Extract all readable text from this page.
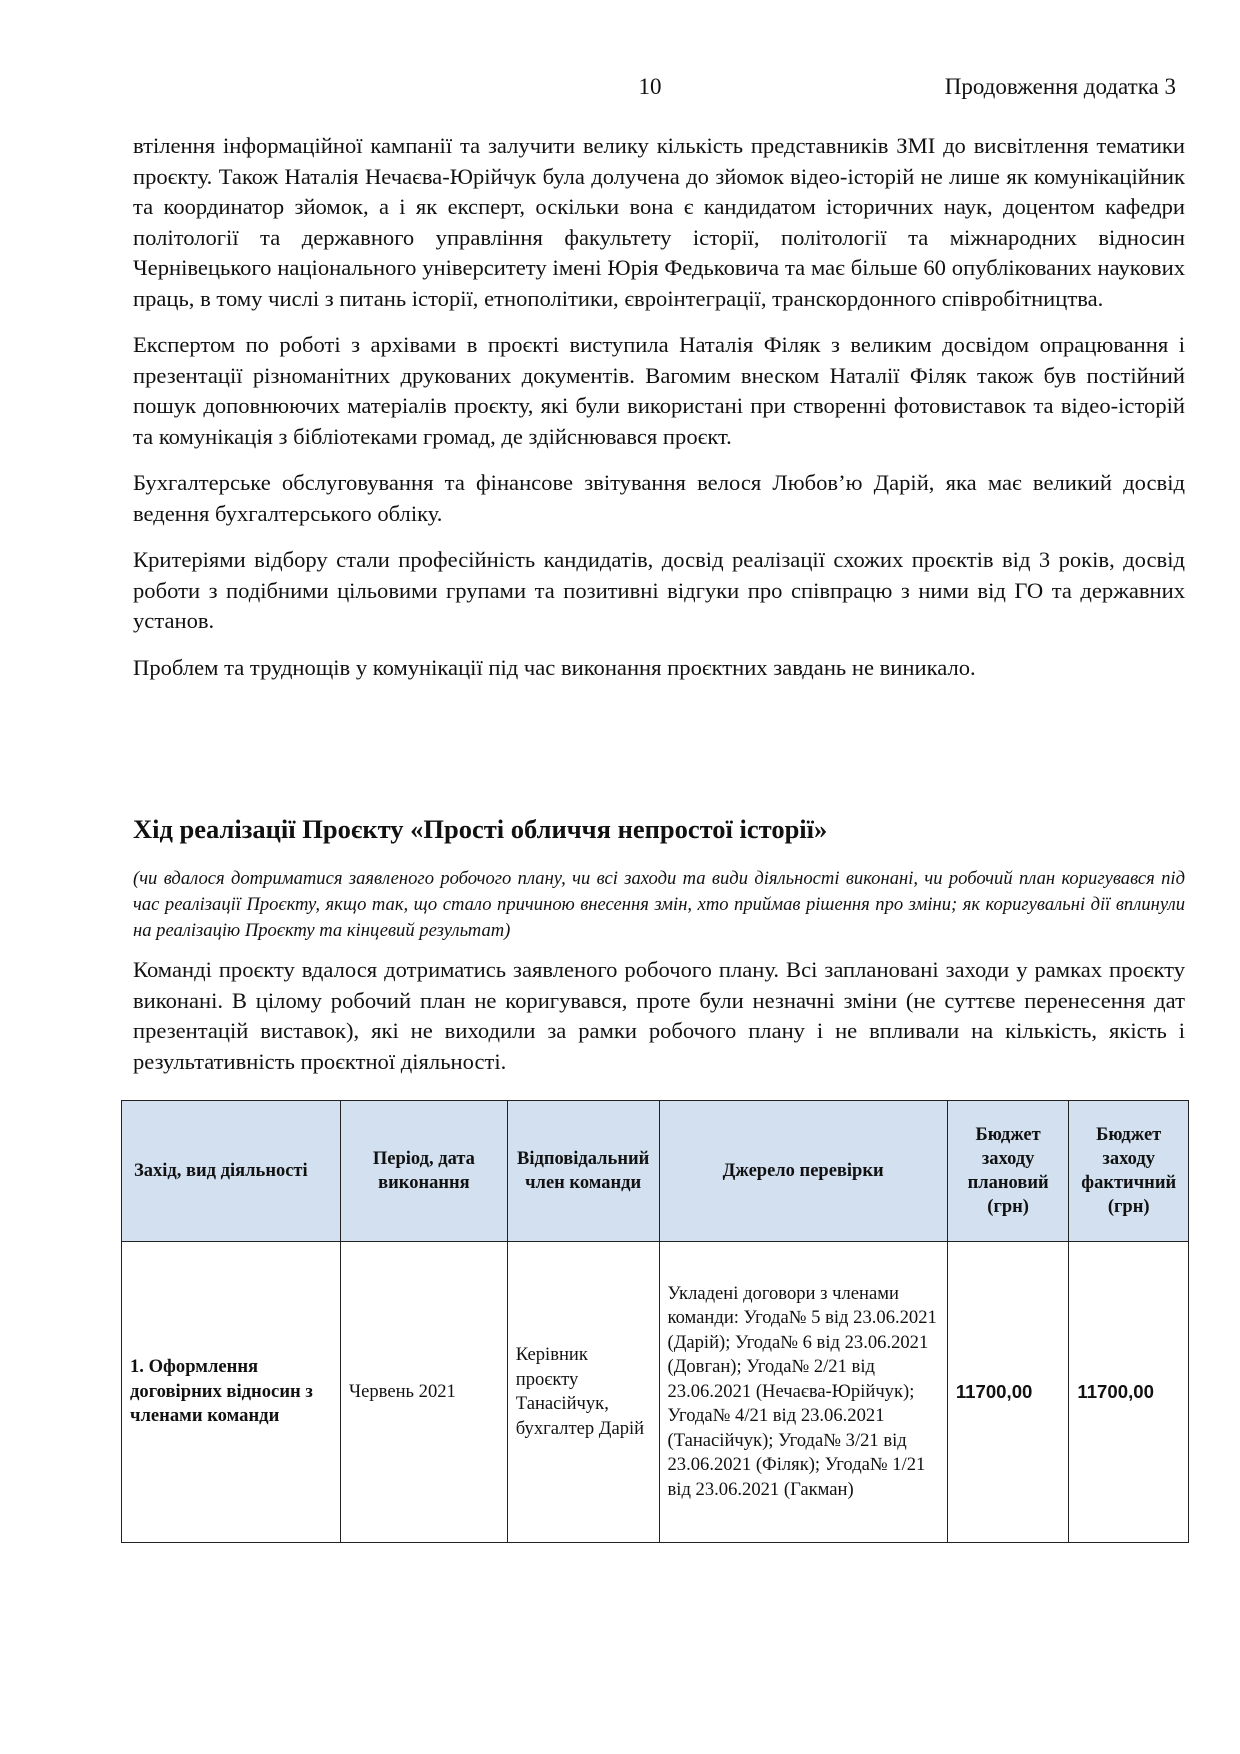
10	Продовження додатка 3

втілення інформаційної кампанії та залучити велику кількість представників ЗМІ до висвітлення тематики проєкту. Також Наталія Нечаєва-Юрійчук була долучена до зйомок відео-історій не лише як комунікаційник та координатор зйомок, а і як експерт, оскільки вона є кандидатом історичних наук, доцентом кафедри політології та державного управління факультету історії, політології та міжнародних відносин Чернівецького національного університету імені Юрія Федьковича та має більше 60 опублікованих наукових праць, в тому числі з питань історії, етнополітики, євроінтеграції, транскордонного співробітництва.

Експертом по роботі з архівами в проєкті виступила Наталія Філяк з великим досвідом опрацювання і презентації різноманітних друкованих документів. Вагомим внеском Наталії Філяк також був постійний пошук доповнюючих матеріалів проєкту, які були використані при створенні фотовиставок та відео-історій та комунікація з бібліотеками громад, де здійснювався проєкт.

Бухгалтерське обслуговування та фінансове звітування велося Любов’ю Дарій, яка має великий досвід ведення бухгалтерського обліку.

Критеріями відбору стали професійність кандидатів, досвід реалізації схожих проєктів від 3 років, досвід роботи з подібними цільовими групами та позитивні відгуки про співпрацю з ними від ГО та державних установ.

Проблем та труднощів у комунікації під час виконання проєктних завдань не виникало.

Хід реалізації Проєкту «Прості обличчя непростої історії»

(чи вдалося дотриматися заявленого робочого плану, чи всі заходи та види діяльності виконані, чи робочий план коригувався під час реалізації Проєкту, якщо так, що стало причиною внесення змін, хто приймав рішення про зміни; як коригувальні дії вплинули на реалізацію Проєкту та кінцевий результат)

Команді проєкту вдалося дотриматись заявленого робочого плану. Всі заплановані заходи у рамках проєкту виконані. В цілому робочий план не коригувався, проте були незначні зміни (не суттєве перенесення дат презентацій виставок), які не виходили за рамки робочого плану і не впливали на кількість, якість і результативність проєктної діяльності.

Захід, вид діяльності	Період, дата виконання	Відповідальний член команди	Джерело перевірки	Бюджет заходу плановий (грн)	Бюджет заходу фактичний (грн)
1. Оформлення договірних відносин з членами команди	Червень 2021	Керівник проєкту Танасійчук, бухгалтер Дарій	Укладені договори з членами команди: Угода№ 5 від 23.06.2021 (Дарій); Угода№ 6 від 23.06.2021 (Довган); Угода№ 2/21 від 23.06.2021 (Нечаєва-Юрійчук); Угода№ 4/21 від 23.06.2021 (Танасійчук); Угода№ 3/21 від 23.06.2021 (Філяк); Угода№ 1/21 від 23.06.2021 (Гакман)	11700,00	11700,00
